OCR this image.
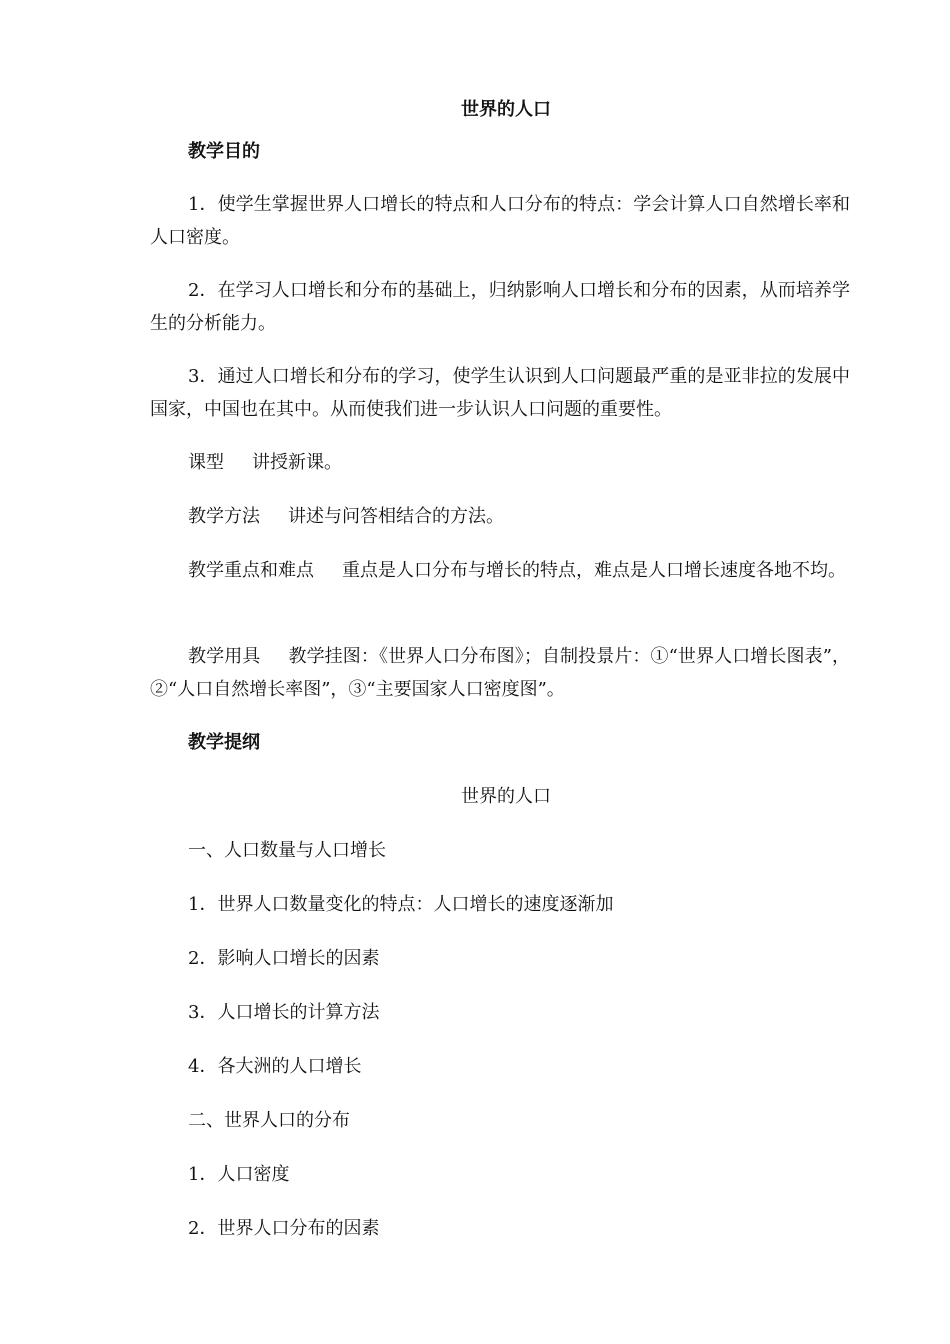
世界的人口
教学目的
1．使学生掌握世界人口增长的特点和人口分布的特点：学会计算人口自然增长率和人口密度。
2．在学习人口增长和分布的基础上，归纳影响人口增长和分布的因素，从而培养学生的分析能力。
3．通过人口增长和分布的学习，使学生认识到人口问题最严重的是亚非拉的发展中国家，中国也在其中。从而使我们进一步认识人口问题的重要性。
课型 讲授新课。
教学方法 讲述与问答相结合的方法。
教学重点和难点 重点是人口分布与增长的特点，难点是人口增长速度各地不均。
教学用具 教学挂图：《世界人口分布图》；自制投景片：①“世界人口增长图表”，②“人口自然增长率图”，③“主要国家人口密度图”。
教学提纲
世界的人口
一、人口数量与人口增长
1．世界人口数量变化的特点：人口增长的速度逐渐加
2．影响人口增长的因素
3．人口增长的计算方法
4．各大洲的人口增长
二、世界人口的分布
1．人口密度
2．世界人口分布的因素
